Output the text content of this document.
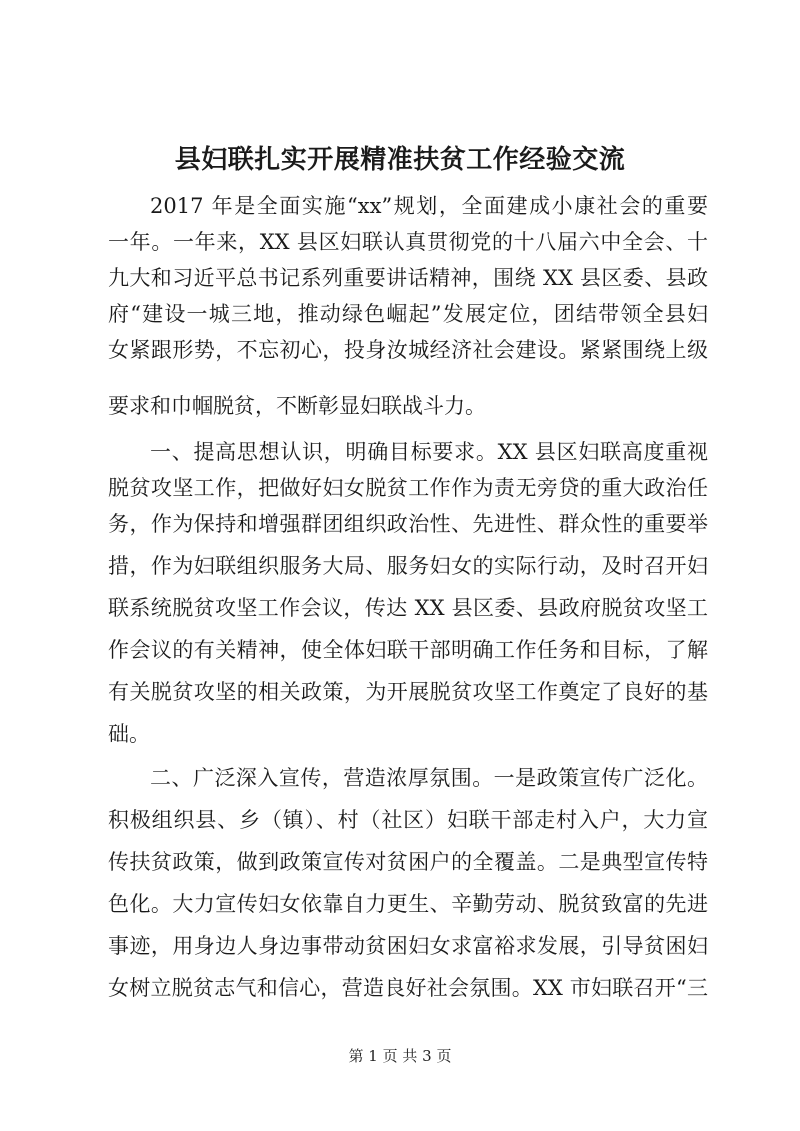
县妇联扎实开展精准扶贫工作经验交流

2017 年是全面实施“xx”规划，全面建成小康社会的重要

一年。一年来，XX 县区妇联认真贯彻党的十八届六中全会、十

九大和习近平总书记系列重要讲话精神，围绕 XX 县区委、县政

府“建设一城三地，推动绿色崛起”发展定位，团结带领全县妇

女紧跟形势，不忘初心，投身汝城经济社会建设。紧紧围绕上级

要求和巾帼脱贫，不断彰显妇联战斗力。

一、提高思想认识，明确目标要求。XX 县区妇联高度重视

脱贫攻坚工作，把做好妇女脱贫工作作为责无旁贷的重大政治任

务，作为保持和增强群团组织政治性、先进性、群众性的重要举

措，作为妇联组织服务大局、服务妇女的实际行动，及时召开妇

联系统脱贫攻坚工作会议，传达 XX 县区委、县政府脱贫攻坚工

作会议的有关精神，使全体妇联干部明确工作任务和目标，了解

有关脱贫攻坚的相关政策，为开展脱贫攻坚工作奠定了良好的基

础。

二、广泛深入宣传，营造浓厚氛围。一是政策宣传广泛化。

积极组织县、乡（镇）、村（社区）妇联干部走村入户，大力宣

传扶贫政策，做到政策宣传对贫困户的全覆盖。二是典型宣传特

色化。大力宣传妇女依靠自力更生、辛勤劳动、脱贫致富的先进

事迹，用身边人身边事带动贫困妇女求富裕求发展，引导贫困妇

女树立脱贫志气和信心，营造良好社会氛围。XX 市妇联召开“三

第 1 页 共 3 页
